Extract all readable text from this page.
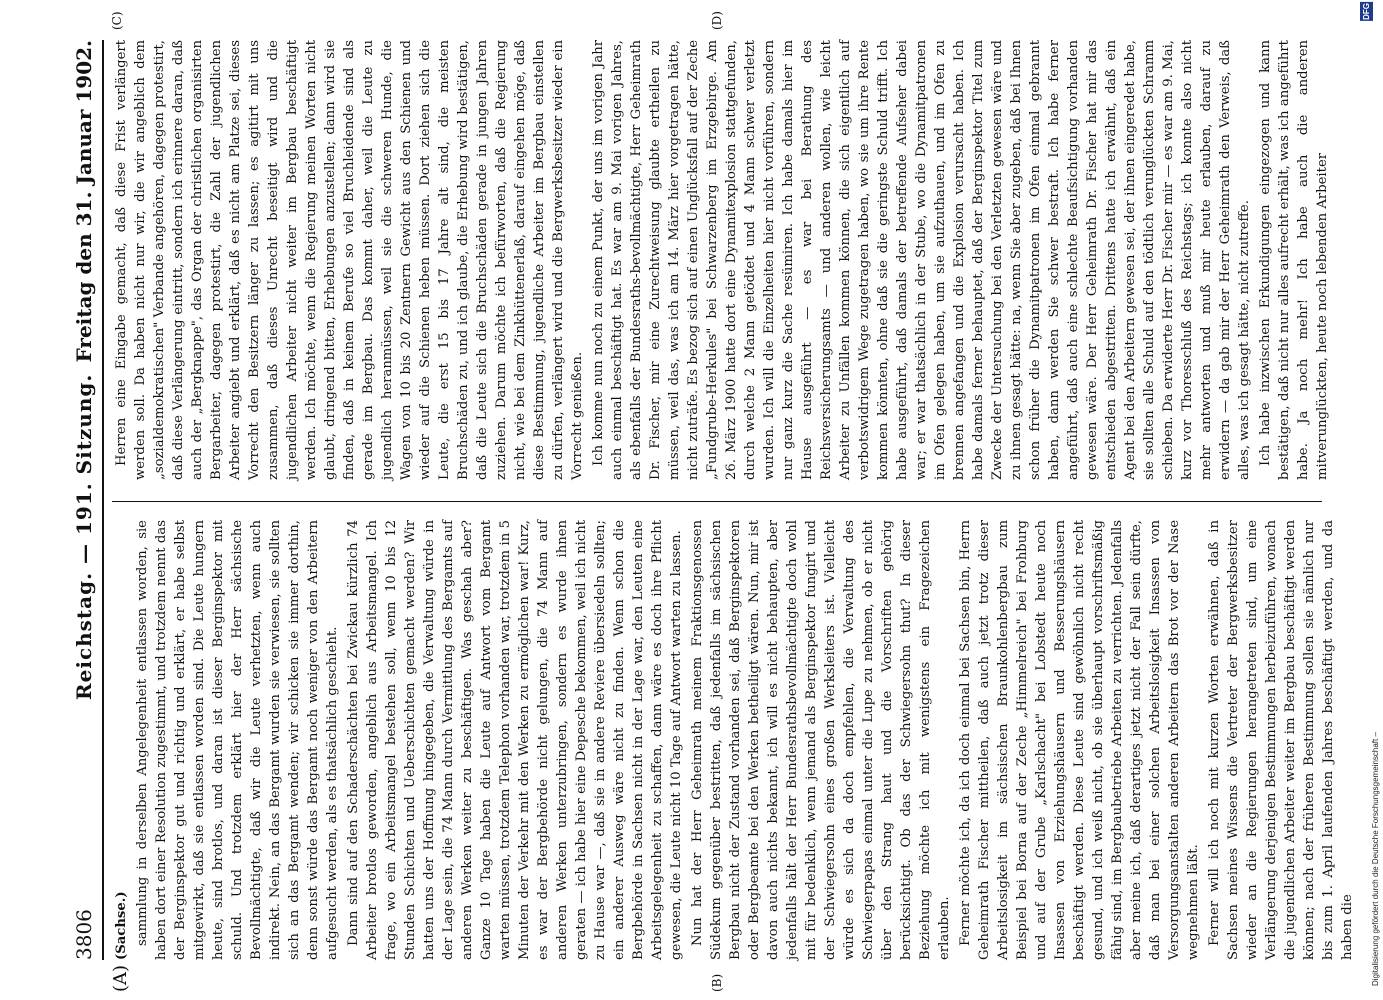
3806
Reichstag. — 191. Sitzung.
Freitag den 31. Januar 1902.
(A)	(B)
(C)	(D)

(Sachse.) sammlung in derselben Angelegenheit entlassen worden, sie haben dort einer Resolution zugestimmt, und trotzdem nennt das der Berginspektor gut und richtig und erklärt, er habe selbst mitgewirkt, daß sie entlassen worden sind. Die Leute hungern heute, sind brotlos, und daran ist dieser Berginspektor mit schuld. Und trotzdem erklärt hier der Herr sächsische Bevollmächtigte, daß wir die Leute verhetzten, wenn auch indirekt. Nein, an das Bergamt wurden sie verwiesen, sie sollten sich an das Bergamt wenden; wir schicken sie immer dorthin, denn sonst würde das Bergamt noch weniger von den Arbeitern aufgesucht werden, als es thatsächlich geschieht. Dann sind auf den Schaderschächten bei Zwickau kürzlich 74 Arbeiter brotlos geworden, angeblich aus Arbeitsmangel. Ich frage, wo ein Arbeitsmangel bestehen soll, wenn 10 bis 12 Stunden Schichten und Ueberschichten gemacht werden? Wir hatten uns der Hoffnung hingegeben, die Verwaltung würde in der Lage sein, die 74 Mann durch Vermittlung des Bergamts auf anderen Werken weiter zu beschäftigen. Was geschah aber? Ganze 10 Tage haben die Leute auf Antwort vom Bergamt warten müssen, trotzdem Telephon vorhanden war, trotzdem in 5 Minuten der Verkehr mit den Werken zu ermöglichen war! Kurz, es war der Bergbehörde nicht gelungen, die 74 Mann auf anderen Werken unterzubringen, sondern es wurde ihnen geraten — ich habe hier eine Depesche bekommen, weil ich nicht zu Hause war —, daß sie in andere Reviere übersiedeln sollten; ein anderer Ausweg wäre nicht zu finden. Wenn schon die Bergbehörde in Sachsen nicht in der Lage war, den Leuten eine Arbeitsgelegenheit zu schaffen, dann wäre es doch ihre Pflicht gewesen, die Leute nicht 10 Tage auf Antwort warten zu lassen. Nun hat der Herr Geheimrath meinem Fraktionsgenossen Südekum gegenüber bestritten, daß jedenfalls im sächsischen Bergbau nicht der Zustand vorhanden sei, daß Berginspektoren oder Bergbeamte bei den Werken betheiligt wären. Nun, mir ist davon auch nichts bekannt, ich will es nicht behaupten, aber jedenfalls hält der Herr Bundesrathsbevollmächtigte doch wohl mit für bedenklich, wenn jemand als Berginspektor fungirt und der Schwiegersohn eines großen Werksleiters ist. Vielleicht würde es sich da doch empfehlen, die Verwaltung des Schwiegerpapas einmal unter die Lupe zu nehmen, ob er nicht über den Strang haut und die Vorschriften gehörig berücksichtigt. Ob das der Schwiegersohn thut? In dieser Beziehung möchte ich mit wenigstens ein Fragezeichen erlauben. Ferner möchte ich, da ich doch einmal bei Sachsen bin, Herrn Geheimrath Fischer mittheilen, daß auch jetzt trotz dieser Arbeitslosigkeit im sächsischen Braunkohlenbergbau zum Beispiel bei Borna auf der Zeche „Himmelreich" bei Frohburg und auf der Grube „Karlschacht" bei Lobstedt heute noch Insassen von Erziehungshäusern und Besserungshäusern beschäftigt werden. Diese Leute sind gewöhnlich nicht recht gesund, und ich weiß nicht, ob sie überhaupt vorschriftsmäßig fähig sind, im Bergbaubetriebe Arbeiten zu verrichten. Jedenfalls aber meine ich, daß derartiges jetzt nicht der Fall sein dürfte, daß man bei einer solchen Arbeitslosigkeit Insassen von Versorgungsanstalten anderen Arbeitern das Brot vor der Nase wegnehmen läßt. Ferner will ich noch mit kurzen Worten erwähnen, daß in Sachsen meines Wissens die Vertreter der Bergwerksbesitzer wieder an die Regierungen herangetreten sind, um eine Verlängerung derjenigen Bestimmungen herbeizuführen, wonach die jugendlichen Arbeiter weiter im Bergbau beschäftigt werden können; nach der früheren Bestimmung sollen sie nämlich nur bis zum 1. April laufenden Jahres beschäftigt werden, und da haben die

Herren eine Eingabe gemacht, daß diese Frist verlängert werden soll. Da haben nicht nur wir, die wir angeblich dem „sozialdemokratischen" Verbande angehören, dagegen protestirt, daß diese Verlängerung eintritt, sondern ich erinnere daran, daß auch der „Bergknappe", das Organ der christlichen organisirten Bergarbeiter, dagegen protestirt, die Zahl der jugendlichen Arbeiter angiebt und erklärt, daß es nicht am Platze sei, dieses Vorrecht den Besitzern länger zu lassen; es agitirt mit uns zusammen, daß dieses Unrecht beseitigt wird und die jugendlichen Arbeiter nicht weiter im Bergbau beschäftigt werden. Ich möchte, wenn die Regierung meinen Worten nicht glaubt, dringend bitten, Erhebungen anzustellen; dann wird sie finden, daß in keinem Berufe so viel Bruchleidende sind als gerade im Bergbau. Das kommt daher, weil die Leute zu jugendlich heranmüssen, weil sie die schweren Hunde, die Wagen von 10 bis 20 Zentnern Gewicht aus den Schienen und wieder auf die Schienen heben müssen. Dort ziehen sich die Leute, die erst 15 bis 17 Jahre alt sind, die meisten Bruchschäden zu, und ich glaube, die Erhebung wird bestätigen, daß die Leute sich die Bruchschäden gerade in jungen Jahren zuziehen. Darum möchte ich befürworten, daß die Regierung nicht, wie bei dem Zinkhüttenerlaß, darauf eingehen möge, daß diese Bestimmung, jugendliche Arbeiter im Bergbau einstellen zu dürfen, verlängert wird und die Bergwerksbesitzer wieder ein Vorrecht genießen. Ich komme nun noch zu einem Punkt, der uns im vorigen Jahr auch einmal beschäftigt hat. Es war am 9. Mai vorigen Jahres, als ebenfalls der Bundesraths-bevollmächtigte, Herr Geheimrath Dr. Fischer, mir eine Zurechtweisung glaubte ertheilen zu müssen, weil das, was ich am 14. März hier vorgetragen hätte, nicht zuträfe. Es bezog sich auf einen Unglücksfall auf der Zeche „Fundgrube-Herkules" bei Schwarzenberg im Erzgebirge. Am 26. März 1900 hatte dort eine Dynamitexplosion stattgefunden, durch welche 2 Mann getödtet und 4 Mann schwer verletzt wurden. Ich will die Einzelheiten hier nicht vorführen, sondern nur ganz kurz die Sache resümiren. Ich habe damals hier im Hause ausgeführt — es war bei Berathung des Reichsversicherungsamts — und anderen wollen, wie leicht Arbeiter zu Unfällen kommen können, die sich eigentlich auf verbotswidrigem Wege zugetragen haben, wo sie um ihre Rente kommen könnten, ohne daß sie die geringste Schuld trifft. Ich habe ausgeführt, daß damals der betreffende Aufseher dabei war; er war thatsächlich in der Stube, wo die Dynamitpatronen im Ofen gelegen haben, um sie aufzuthauen, und im Ofen zu brennen angefangen und die Explosion verursacht haben. Ich habe damals ferner behauptet, daß der Berginspektor Titel zum Zwecke der Untersuchung bei den Verletzten gewesen wäre und zu ihnen gesagt hätte: na, wenn Sie aber zugeben, daß bei Ihnen schon früher die Dynamitpatronen im Ofen einmal gebrannt haben, dann werden Sie schwer bestraft. Ich habe ferner angeführt, daß auch eine schlechte Beaufsichtigung vorhanden gewesen wäre. Der Herr Geheimrath Dr. Fischer hat mir das entschieden abgestritten. Drittens hatte ich erwähnt, daß ein Agent bei den Arbeitern gewesen sei, der ihnen eingeredet habe, sie sollten alle Schuld auf den tödtlich verunglückten Schramm schieben. Da erwiderte Herr Dr. Fischer mir — es war am 9. Mai, kurz vor Thoresschluß des Reichstags; ich konnte also nicht mehr antworten und muß mir heute erlauben, darauf zu erwidern — da gab mir der Herr Geheimrath den Verweis, daß alles, was ich gesagt hätte, nicht zutreffe. Ich habe inzwischen Erkundigungen eingezogen und kann bestätigen, daß nicht nur alles aufrecht erhält, was ich angeführt habe. Ja noch mehr! Ich habe auch die anderen mitverunglückten, heute noch lebenden Arbeiter

Digitalisierung gefördert durch die Deutsche Forschungsgemeinschaft –
DFG
